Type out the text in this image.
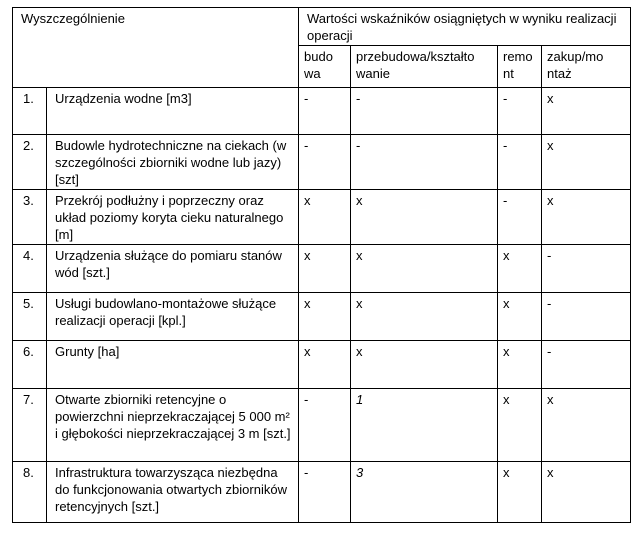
Wyszczególnienie		Wartości wskaźników osiągniętych w wyniku realizacji operacji			
		budo wa	przebudowa/kształto wanie	remo nt	zakup/mo ntaż
1.	Urządzenia wodne [m3]	-	-	-	x
2.	Budowle hydrotechniczne na ciekach (w szczególności zbiorniki wodne lub jazy) [szt]	-	-	-	x
3.	Przekrój podłużny i poprzeczny oraz układ poziomy koryta cieku naturalnego [m]	x	x	-	x
4.	Urządzenia służące do pomiaru stanów wód [szt.]	x	x	x	-
5.	Usługi budowlano-montażowe służące realizacji operacji [kpl.]	x	x	x	-
6.	Grunty [ha]	x	x	x	-
7.	Otwarte zbiorniki retencyjne o powierzchni nieprzekraczającej 5 000 m² i głębokości nieprzekraczającej 3 m [szt.]	-	1	x	x
8.	Infrastruktura towarzysząca niezbędna do funkcjonowania otwartych zbiorników retencyjnych [szt.]	-	3	x	x
